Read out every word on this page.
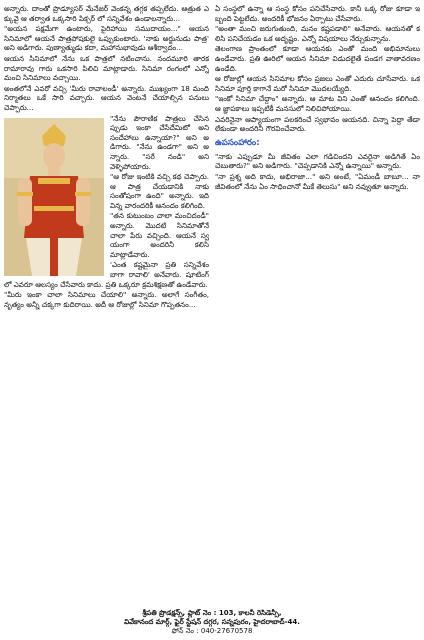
అన్నారు. దాంతో ప్రొడ్యూసర్ మేనేజర్ వెంకన్న తగ్గక తప్పలేదు. ఆత్రుత ఎక్కువై ఆ తర్వాత ఒక్కసారి పిక్చర్ లో సన్నివేశం ఉండాలన్నారు...

"అయన పక్షమేగా ఉంటారు, పైరిహాయి సముదాయం..." ఆయన సినిమాలో ఆయనే పాత్రపోషకులై ఒప్పుకుంటారు. 'నాకు అర్జునుడు పాత్ర' అని అడిగారు. పుణ్యాత్ముడు కదా, మహానుభావుడు ఆశీర్వాదం...

ఆయన సినిమాలో నేను ఒక పాత్రలో నటించాను. నందమూరి తారక రామారావు గారు ఒకసారి పిలిచి మాట్లాడారు. సినిమా రంగంలో ఎన్నో మంచి సినిమాలు వచ్చాయి.

అంతలోనే ఎవరో వచ్చి 'మీరు రావాలండీ' అన్నారు. ముఖ్యంగా 18 మంది నిర్మాతలు ఒకే సారి వచ్చారు. ఆయన వెంటనే చేయాల్సిన పనులు చెప్పారు...

"నేను పౌరాణిక పాత్రలు చేసినప్పుడు ఇంకా చేసేదేమిటో అని సందేహాలు ఉన్నాయా?" అని అడిగారు. "నేను ఉండగా" అని అన్నారు. "సరే నండి" అని వెళ్ళిపోయారు.

"ఆ రోజు ఇంటికి వచ్చి కథ చెప్పారు. ఆ పాత్ర చేయడానికి నాకు సంతోషంగా ఉంది" అన్నారు. ఇది విన్న వారందరికీ ఆనందం కలిగింది.

"తన కుటుంబం చాలా మంచిదండీ" అన్నారు. మొదటి సినిమాతోనే చాలా పేరు వచ్చింది. ఆయనే స్వయంగా అందరినీ కలిసి మాట్లాడేవారు.

'ఎంత కష్టమైనా ప్రతి సన్నివేశం బాగా రావాలి' అనేవారు. షూటింగ్ లో ఎవరూ ఆలస్యం చేసేవారు కాదు. ప్రతి ఒక్కరూ క్రమశిక్షణతో ఉండేవారు.

"మీరు ఇంకా చాలా సినిమాలు చేయాలి" అన్నారు. అలాగే సంగీతం, నృత్యం అన్నీ చక్కగా కుదిరాయి. అదీ ఆ రోజుల్లో సినిమా గొప్పతనం...

ఏ సంస్థలో ఉన్నా ఆ సంస్థ కోసం పనిచేసేవారు. కానీ ఒక్క రోజు కూడా ఇబ్బంది పెట్టలేదు. అందరికీ భోజనం ఏర్పాటు చేసేవారు.

"అంతా మంచి జరుగుతుంది, మనం కష్టపడాలి" అనేవారు. ఆయనతో కలిసి పనిచేయడం ఒక అదృష్టం. ఎన్నో విషయాలు నేర్చుకున్నాను.

తెలంగాణ ప్రాంతంలో కూడా ఆయనకు ఎంతో మంది అభిమానులు ఉండేవారు. ప్రతి ఊరిలో ఆయన సినిమా విడుదలైతే పండగ వాతావరణం ఉండేది.

ఆ రోజుల్లో ఆయన సినిమాల కోసం ప్రజలు ఎంతో ఎదురు చూసేవారు. ఒక సినిమా పూర్తి కాగానే మరో సినిమా మొదలయ్యేది.

"ఇంకో సినిమా చేద్దాం" అన్నారు. ఆ మాట విని ఎంతో ఆనందం కలిగింది. ఆ జ్ఞాపకాలు ఇప్పటికీ మనసులో నిలిచిపోయాయి.

ఎవరినైనా ఆప్యాయంగా పలకరించే స్వభావం ఆయనది. చిన్నా పెద్దా తేడా లేకుండా అందరినీ గౌరవించేవారు.

ఉపసంహారం:

"నాకు ఎప్పుడూ మీ జీవితం ఎలా గడిచిందని ఎవరైనా అడిగితే ఏం చెబుతారు?" అని అడిగారు. "చెప్పడానికి ఎన్నో ఉన్నాయి" అన్నారు.

"నా ప్రశ్న అది కాదు, అభిరాజా..." అని అంటే, "ఏమండీ బాబూ... నా జీవితంలో నేను ఏం సాధించానో మీకే తెలుసు" అని నవ్వుతూ అన్నారు.

శ్రీపతి ప్రొడక్షన్స్, ప్లాట్ నెం : 103, కాలనీ రెసిడెన్సీ,
వివేకానంద మార్గ్, ఫైర్ స్టేషన్ దగ్గర, సన్నపురం, హైదరాబాద్-44.
ఫోన్ నెం : 040-27670578
